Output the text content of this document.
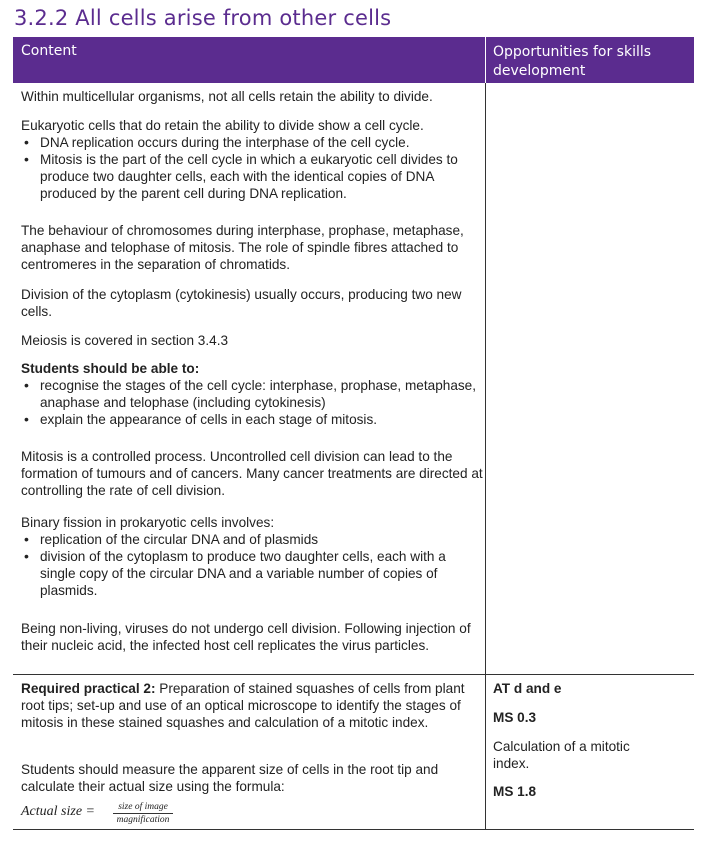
3.2.2 All cells arise from other cells
Content	Opportunities for skills development
Within multicellular organisms, not all cells retain the ability to divide.

Eukaryotic cells that do retain the ability to divide show a cell cycle.

• DNA replication occurs during the interphase of the cell cycle.
• Mitosis is the part of the cell cycle in which a eukaryotic cell divides to produce two daughter cells, each with the identical copies of DNA produced by the parent cell during DNA replication.
The behaviour of chromosomes during interphase, prophase, metaphase, anaphase and telophase of mitosis. The role of spindle fibres attached to centromeres in the separation of chromatids.
Division of the cytoplasm (cytokinesis) usually occurs, producing two new cells.
Meiosis is covered in section 3.4.3

Students should be able to:

• recognise the stages of the cell cycle: interphase, prophase, metaphase, anaphase and telophase (including cytokinesis)
• explain the appearance of cells in each stage of mitosis.
Mitosis is a controlled process. Uncontrolled cell division can lead to the formation of tumours and of cancers. Many cancer treatments are directed at controlling the rate of cell division.

Binary fission in prokaryotic cells involves:

• replication of the circular DNA and of plasmids
• division of the cytoplasm to produce two daughter cells, each with a single copy of the circular DNA and a variable number of copies of plasmids.
Being non-living, viruses do not undergo cell division. Following injection of their nucleic acid, the infected host cell replicates the virus particles.

Required practical 2: Preparation of stained squashes of cells from plant root tips; set-up and use of an optical microscope to identify the stages of mitosis in these stained squashes and calculation of a mitotic index.

Students should measure the apparent size of cells in the root tip and calculate their actual size using the formula:
Actual size =	size of image
magnification
AT d and e
MS 0.3
Calculation of a mitotic index.
MS 1.8
